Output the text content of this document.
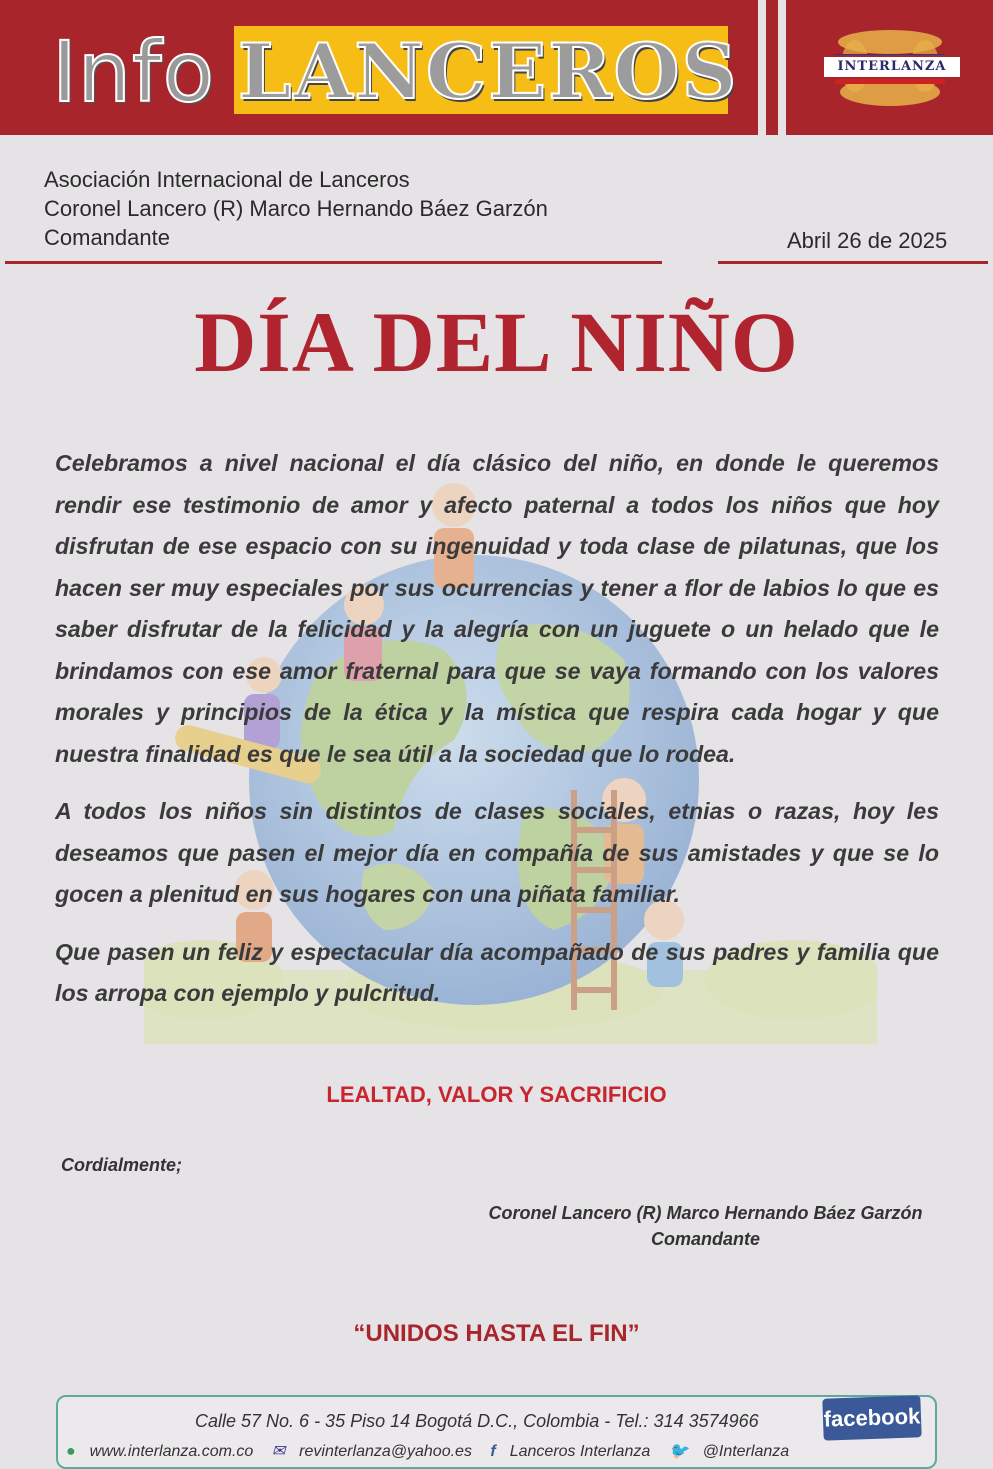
Info LANCEROS	INTERLANZA
Asociación Internacional de Lanceros
Coronel Lancero (R) Marco Hernando Báez Garzón
Comandante	Abril 26 de 2025
DÍA DEL NIÑO

Celebramos a nivel nacional el día clásico del niño, en donde le queremos rendir ese testimonio de amor y afecto paternal a todos los niños que hoy disfrutan de ese espacio con su ingenuidad y toda clase de pilatunas, que los hacen ser muy especiales por sus ocurrencias y tener a flor de labios lo que es saber disfrutar de la felicidad y la alegría con un juguete o un helado que le brindamos con ese amor fraternal para que se vaya formando con los valores morales y principios de la ética y la mística que respira cada hogar y que nuestra finalidad es que le sea útil a la sociedad que lo rodea.

A todos los niños sin distintos de clases sociales, etnias o razas, hoy les deseamos que pasen el mejor día en compañía de sus amistades y que se lo gocen a plenitud en sus hogares con una piñata familiar.

Que pasen un feliz y espectacular día acompañado de sus padres y familia que los arropa con ejemplo y pulcritud.

LEALTAD, VALOR Y SACRIFICIO
Cordialmente;
Coronel Lancero (R) Marco Hernando Báez Garzón
Comandante
“UNIDOS HASTA EL FIN”
Calle 57 No. 6 - 35 Piso 14 Bogotá D.C., Colombia - Tel.: 314 3574966
● www.interlanza.com.co ✉ revinterlanza@yahoo.es f Lanceros Interlanza 🐦 @Interlanza
facebook
